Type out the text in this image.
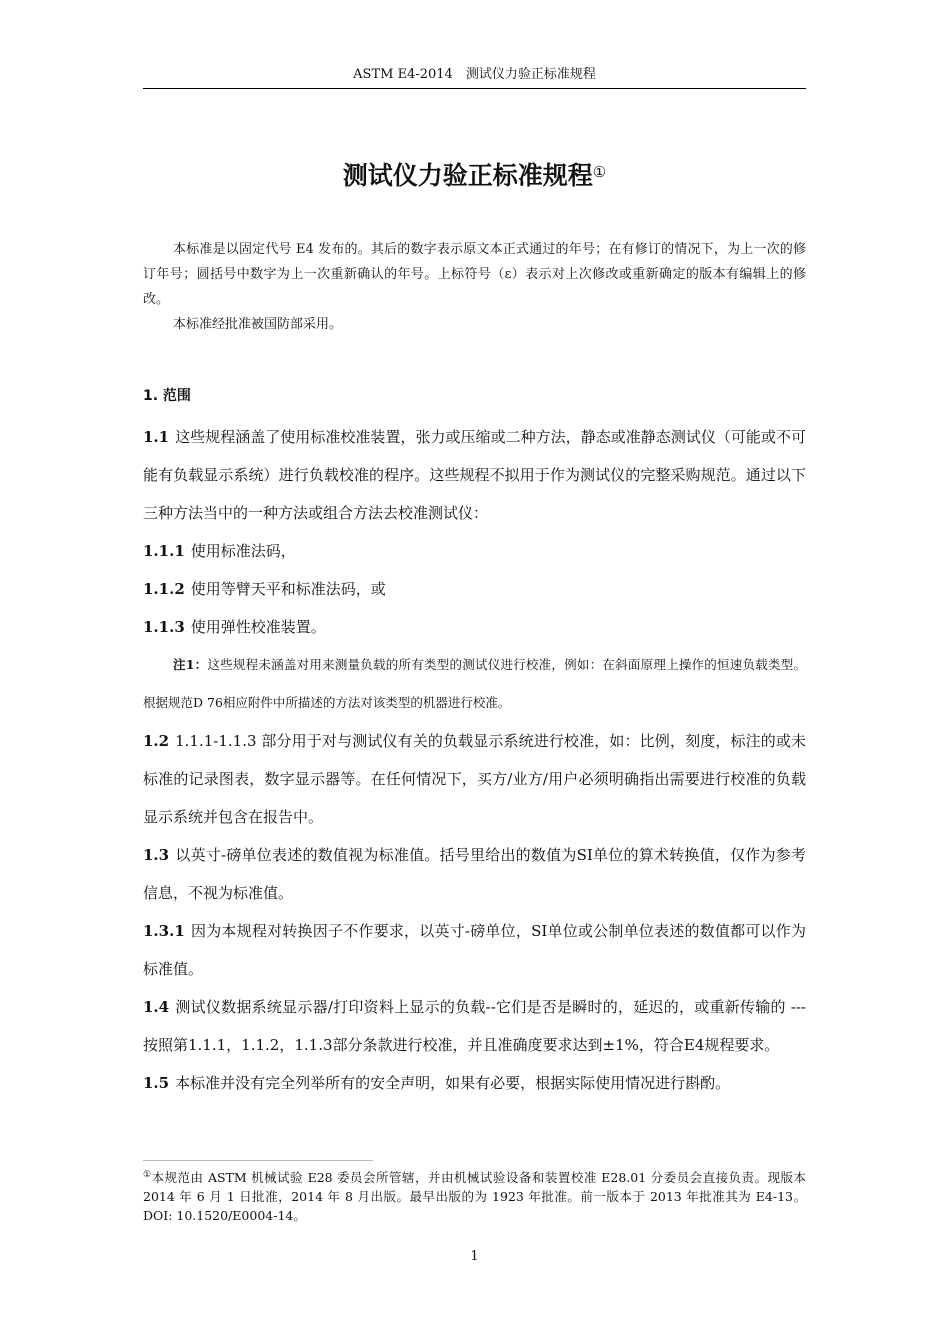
ASTM E4-2014　测试仪力验正标准规程
测试仪力验正标准规程①

本标准是以固定代号 E4 发布的。其后的数字表示原文本正式通过的年号；在有修订的情况下，为上一次的修订年号；圆括号中数字为上一次重新确认的年号。上标符号（ε）表示对上次修改或重新确定的版本有编辑上的修改。

本标准经批准被国防部采用。

1. 范围

1.1 这些规程涵盖了使用标准校准装置，张力或压缩或二种方法，静态或准静态测试仪（可能或不可能有负载显示系统）进行负载校准的程序。这些规程不拟用于作为测试仪的完整采购规范。通过以下三种方法当中的一种方法或组合方法去校准测试仪：

1.1.1 使用标准法码，

1.1.2 使用等臂天平和标准法码，或

1.1.3 使用弹性校准装置。

注1：这些规程未涵盖对用来测量负载的所有类型的测试仪进行校准，例如：在斜面原理上操作的恒速负载类型。根据规范D 76相应附件中所描述的方法对该类型的机器进行校准。

1.2 1.1.1-1.1.3 部分用于对与测试仪有关的负载显示系统进行校准，如：比例，刻度，标注的或未标准的记录图表，数字显示器等。在任何情况下，买方/业方/用户必须明确指出需要进行校准的负载显示系统并包含在报告中。

1.3 以英寸-磅单位表述的数值视为标准值。括号里给出的数值为SI单位的算术转换值，仅作为参考信息，不视为标准值。

1.3.1 因为本规程对转换因子不作要求，以英寸-磅单位，SI单位或公制单位表述的数值都可以作为标准值。

1.4 测试仪数据系统显示器/打印资料上显示的负载--它们是否是瞬时的，延迟的，或重新传输的 --- 按照第1.1.1，1.1.2，1.1.3部分条款进行校准，并且准确度要求达到±1%，符合E4规程要求。

1.5 本标准并没有完全列举所有的安全声明，如果有必要，根据实际使用情况进行斟酌。

①本规范由 ASTM 机械试验 E28 委员会所管辖，并由机械试验设备和装置校准 E28.01 分委员会直接负责。现版本 2014 年 6 月 1 日批准，2014 年 8 月出版。最早出版的为 1923 年批准。前一版本于 2013 年批准其为 E4-13。DOI: 10.1520/E0004-14。
1
